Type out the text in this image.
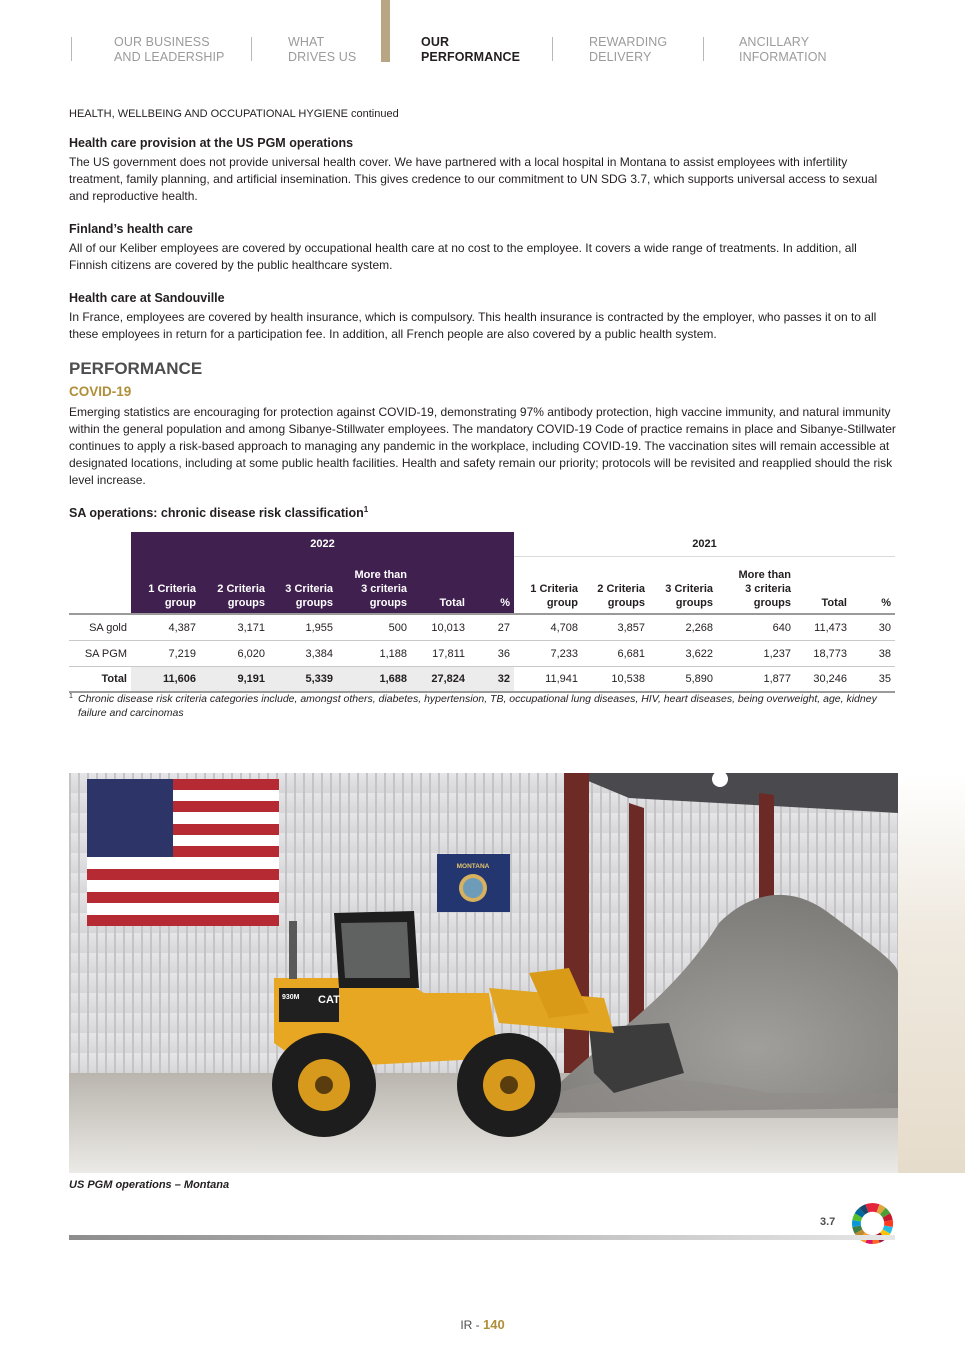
OUR BUSINESS
AND LEADERSHIP
WHAT
DRIVES US
OUR
PERFORMANCE
REWARDING
DELIVERY
ANCILLARY
INFORMATION
HEALTH, WELLBEING AND OCCUPATIONAL HYGIENE continued
Health care provision at the US PGM operations

The US government does not provide universal health cover. We have partnered with a local hospital in Montana to assist employees with infertility treatment, family planning, and artificial insemination. This gives credence to our commitment to UN SDG 3.7, which supports universal access to sexual and reproductive health.

Finland’s health care

All of our Keliber employees are covered by occupational health care at no cost to the employee. It covers a wide range of treatments. In addition, all Finnish citizens are covered by the public healthcare system.

Health care at Sandouville

In France, employees are covered by health insurance, which is compulsory. This health insurance is contracted by the employer, who passes it on to all these employees in return for a participation fee. In addition, all French people are also covered by a public health system.

PERFORMANCE
COVID-19

Emerging statistics are encouraging for protection against COVID-19, demonstrating 97% antibody protection, high vaccine immunity, and natural immunity within the general population and among Sibanye-Stillwater employees. The mandatory COVID-19 Code of practice remains in place and Sibanye-Stillwater continues to apply a risk-based approach to managing any pandemic in the workplace, including COVID-19. The vaccination sites will remain accessible at designated locations, including at some public health facilities. Health and safety remain our priority; protocols will be revisited and reapplied should the risk level increase.

SA operations: chronic disease risk classification$^1$
	2022						2021					
	1 Criteria
group	2 Criteria
groups	3 Criteria
groups	More than
3 criteria
groups	Total	%	1 Criteria
group	2 Criteria
groups	3 Criteria
groups	More than
3 criteria
groups	Total	%
SA gold	4,387	3,171	1,955	500	10,013	27	4,708	3,857	2,268	640	11,473	30
SA PGM	7,219	6,020	3,384	1,188	17,811	36	7,233	6,681	3,622	1,237	18,773	38
Total	11,606	9,191	5,339	1,688	27,824	32	11,941	10,538	5,890	1,877	30,246	35
1 Chronic disease risk criteria categories include, amongst others, diabetes, hypertension, TB, occupational lung diseases, HIV, heart diseases, being overweight, age, kidney failure and carcinomas
MONTANA
930M CAT
US PGM operations – Montana
3.7
IR - 140
